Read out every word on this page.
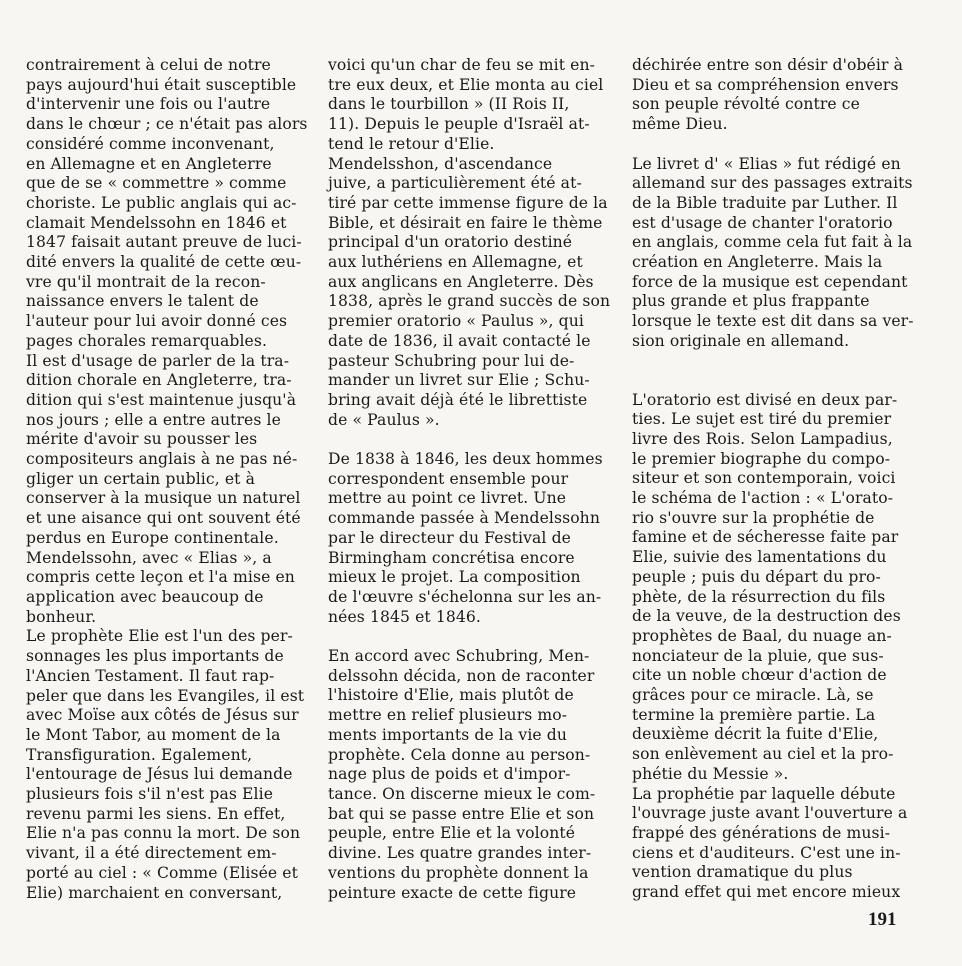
contrairement à celui de notre
pays aujourd'hui était susceptible
d'intervenir une fois ou l'autre
dans le chœur ; ce n'était pas alors
considéré comme inconvenant,
en Allemagne et en Angleterre
que de se « commettre » comme
choriste. Le public anglais qui ac-
clamait Mendelssohn en 1846 et
1847 faisait autant preuve de luci-
dité envers la qualité de cette œu-
vre qu'il montrait de la recon-
naissance envers le talent de
l'auteur pour lui avoir donné ces
pages chorales remarquables.

Il est d'usage de parler de la tra-
dition chorale en Angleterre, tra-
dition qui s'est maintenue jusqu'à
nos jours ; elle a entre autres le
mérite d'avoir su pousser les
compositeurs anglais à ne pas né-
gliger un certain public, et à
conserver à la musique un naturel
et une aisance qui ont souvent été
perdus en Europe continentale.
Mendelssohn, avec « Elias », a
compris cette leçon et l'a mise en
application avec beaucoup de
bonheur.

Le prophète Elie est l'un des per-
sonnages les plus importants de
l'Ancien Testament. Il faut rap-
peler que dans les Evangiles, il est
avec Moïse aux côtés de Jésus sur
le Mont Tabor, au moment de la
Transfiguration. Egalement,
l'entourage de Jésus lui demande
plusieurs fois s'il n'est pas Elie
revenu parmi les siens. En effet,
Elie n'a pas connu la mort. De son
vivant, il a été directement em-
porté au ciel : « Comme (Elisée et
Elie) marchaient en conversant,

voici qu'un char de feu se mit en-
tre eux deux, et Elie monta au ciel
dans le tourbillon » (II Rois II,
11). Depuis le peuple d'Israël at-
tend le retour d'Elie.

Mendelsshon, d'ascendance
juive, a particulièrement été at-
tiré par cette immense figure de la
Bible, et désirait en faire le thème
principal d'un oratorio destiné
aux luthériens en Allemagne, et
aux anglicans en Angleterre. Dès
1838, après le grand succès de son
premier oratorio « Paulus », qui
date de 1836, il avait contacté le
pasteur Schubring pour lui de-
mander un livret sur Elie ; Schu-
bring avait déjà été le librettiste
de « Paulus ».

De 1838 à 1846, les deux hommes
correspondent ensemble pour
mettre au point ce livret. Une
commande passée à Mendelssohn
par le directeur du Festival de
Birmingham concrétisa encore
mieux le projet. La composition
de l'œuvre s'échelonna sur les an-
nées 1845 et 1846.

En accord avec Schubring, Men-
delssohn décida, non de raconter
l'histoire d'Elie, mais plutôt de
mettre en relief plusieurs mo-
ments importants de la vie du
prophète. Cela donne au person-
nage plus de poids et d'impor-
tance. On discerne mieux le com-
bat qui se passe entre Elie et son
peuple, entre Elie et la volonté
divine. Les quatre grandes inter-
ventions du prophète donnent la
peinture exacte de cette figure

déchirée entre son désir d'obéir à
Dieu et sa compréhension envers
son peuple révolté contre ce
même Dieu.

Le livret d' « Elias » fut rédigé en
allemand sur des passages extraits
de la Bible traduite par Luther. Il
est d'usage de chanter l'oratorio
en anglais, comme cela fut fait à la
création en Angleterre. Mais la
force de la musique est cependant
plus grande et plus frappante
lorsque le texte est dit dans sa ver-
sion originale en allemand.

L'oratorio est divisé en deux par-
ties. Le sujet est tiré du premier
livre des Rois. Selon Lampadius,
le premier biographe du compo-
siteur et son contemporain, voici
le schéma de l'action : « L'orato-
rio s'ouvre sur la prophétie de
famine et de sécheresse faite par
Elie, suivie des lamentations du
peuple ; puis du départ du pro-
phète, de la résurrection du fils
de la veuve, de la destruction des
prophètes de Baal, du nuage an-
nonciateur de la pluie, que sus-
cite un noble chœur d'action de
grâces pour ce miracle. Là, se
termine la première partie. La
deuxième décrit la fuite d'Elie,
son enlèvement au ciel et la pro-
phétie du Messie ».

La prophétie par laquelle débute
l'ouvrage juste avant l'ouverture a
frappé des générations de musi-
ciens et d'auditeurs. C'est une in-
vention dramatique du plus
grand effet qui met encore mieux

191
